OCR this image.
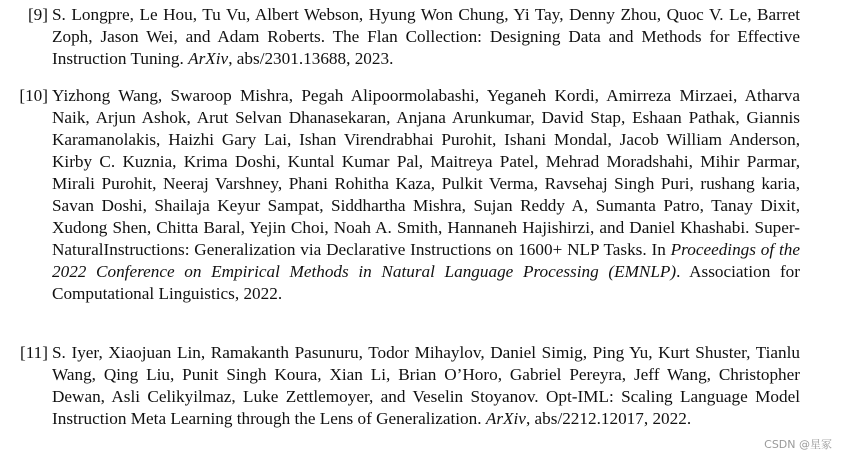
[9] S. Longpre, Le Hou, Tu Vu, Albert Webson, Hyung Won Chung, Yi Tay, Denny Zhou, Quoc V. Le, Barret Zoph, Jason Wei, and Adam Roberts. The Flan Collection: Designing Data and Methods for Effective Instruction Tuning. ArXiv, abs/2301.13688, 2023.
[10] Yizhong Wang, Swaroop Mishra, Pegah Alipoormolabashi, Yeganeh Kordi, Amirreza Mirzaei, Atharva Naik, Arjun Ashok, Arut Selvan Dhanasekaran, Anjana Arunkumar, David Stap, Eshaan Pathak, Giannis Karamanolakis, Haizhi Gary Lai, Ishan Virendrabhai Purohit, Ishani Mondal, Jacob William Anderson, Kirby C. Kuznia, Krima Doshi, Kuntal Kumar Pal, Maitreya Patel, Mehrad Moradshahi, Mihir Parmar, Mirali Purohit, Neeraj Varshney, Phani Rohitha Kaza, Pulkit Verma, Ravsehaj Singh Puri, rushang karia, Savan Doshi, Shailaja Keyur Sampat, Siddhartha Mishra, Sujan Reddy A, Sumanta Patro, Tanay Dixit, Xudong Shen, Chitta Baral, Yejin Choi, Noah A. Smith, Hannaneh Hajishirzi, and Daniel Khashabi. Super-NaturalInstructions: Generalization via Declarative Instructions on 1600+ NLP Tasks. In Proceedings of the 2022 Conference on Empirical Methods in Natural Language Processing (EMNLP). Association for Computational Linguistics, 2022.
[11] S. Iyer, Xiaojuan Lin, Ramakanth Pasunuru, Todor Mihaylov, Daniel Simig, Ping Yu, Kurt Shuster, Tianlu Wang, Qing Liu, Punit Singh Koura, Xian Li, Brian O’Horo, Gabriel Pereyra, Jeff Wang, Christopher Dewan, Asli Celikyilmaz, Luke Zettlemoyer, and Veselin Stoyanov. Opt-IML: Scaling Language Model Instruction Meta Learning through the Lens of Generalization. ArXiv, abs/2212.12017, 2022.
CSDN @星冢
